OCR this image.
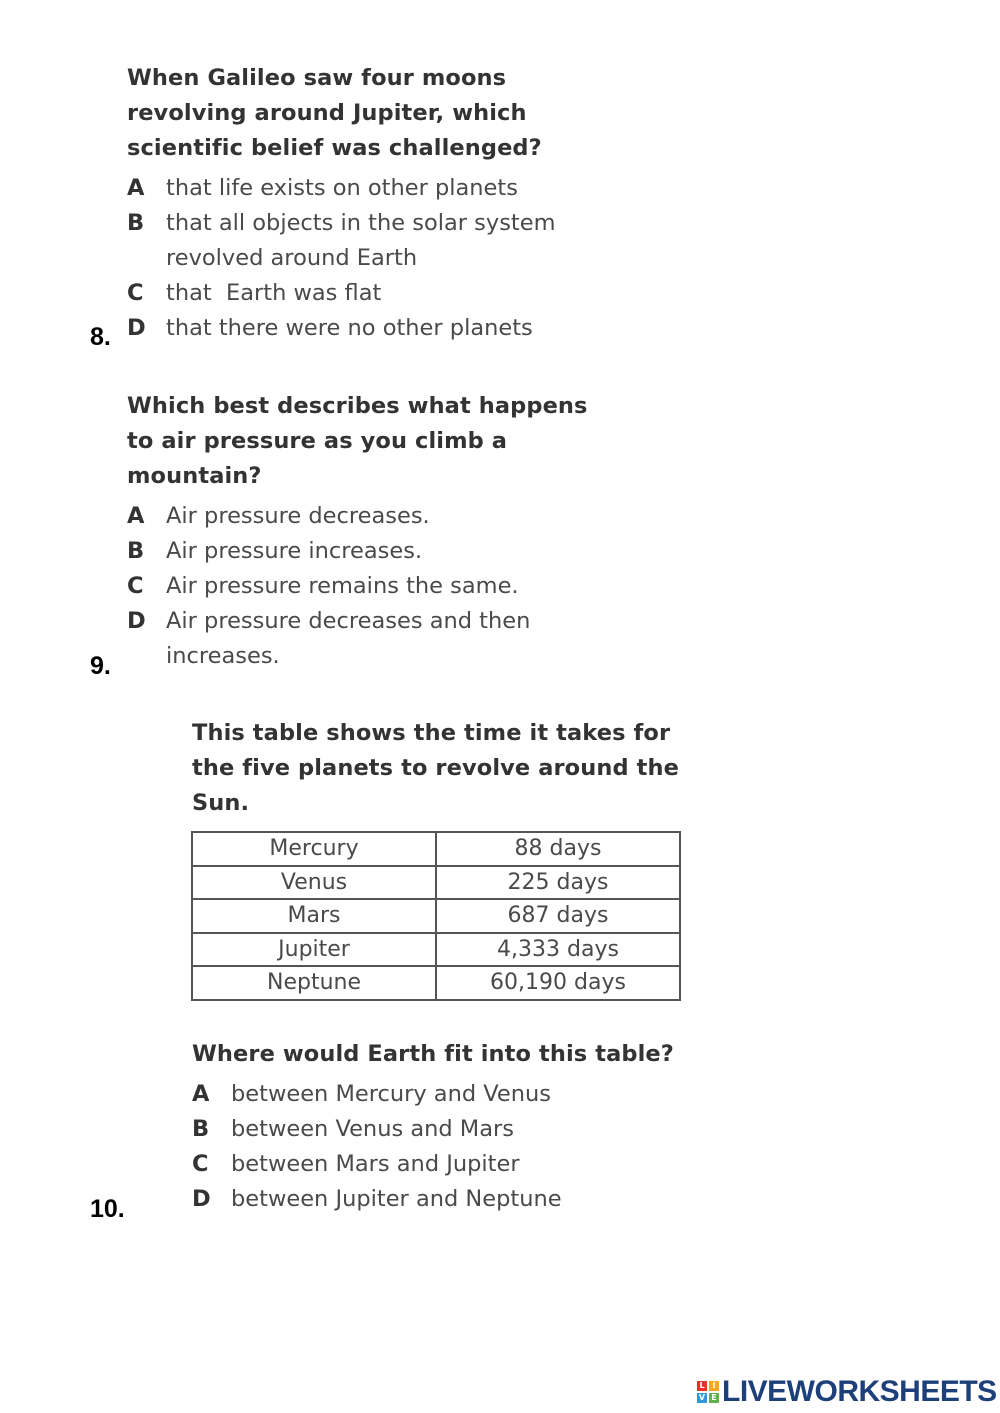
When Galileo saw four moons
revolving around Jupiter, which
scientific belief was challenged?
A that life exists on other planets
B that all objects in the solar system
revolved around Earth
C that  Earth was flat
D that there were no other planets
8.
Which best describes what happens
to air pressure as you climb a
mountain?
A Air pressure decreases.
B Air pressure increases.
C Air pressure remains the same.
D Air pressure decreases and then
increases.
9.
This table shows the time it takes for
the five planets to revolve around the
Sun.
Mercury	88 days
Venus	225 days
Mars	687 days
Jupiter	4,333 days
Neptune	60,190 days
Where would Earth fit into this table?
A between Mercury and Venus
B between Venus and Mars
C between Mars and Jupiter
D between Jupiter and Neptune
10.
L I
V E LIVEWORKSHEETS
